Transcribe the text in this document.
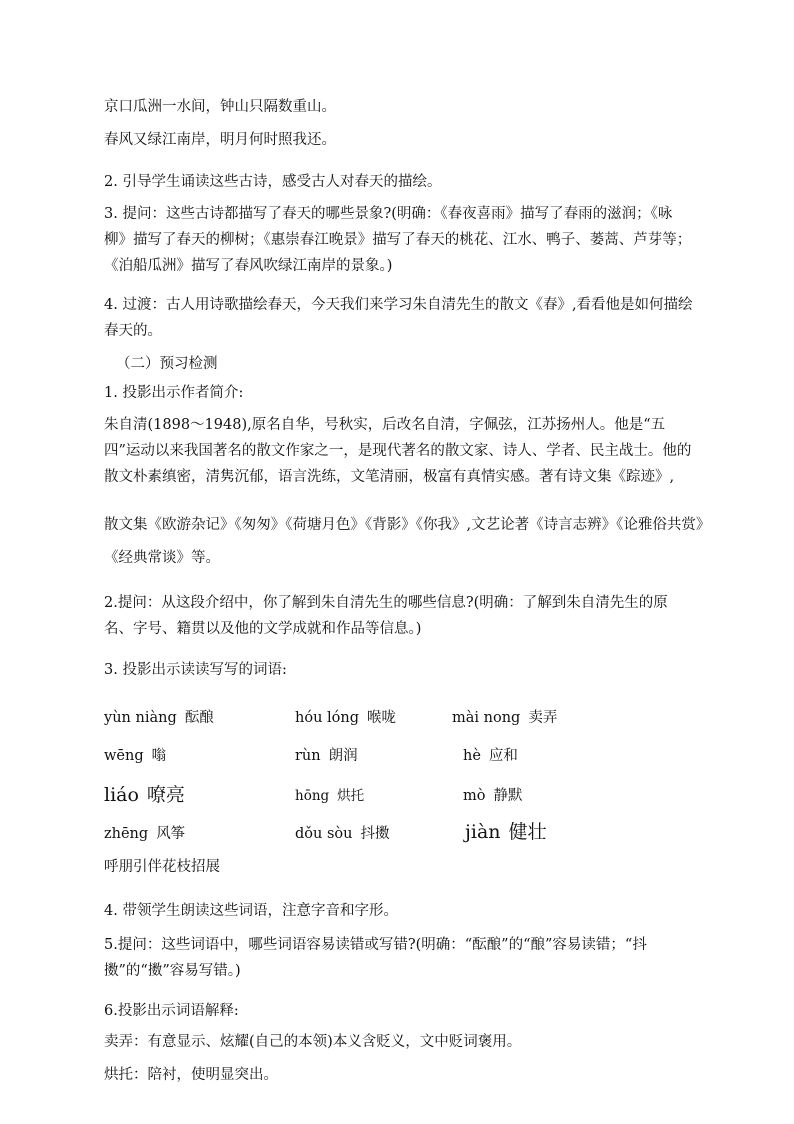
京口瓜洲一水间，钟山只隔数重山。
春风又绿江南岸，明月何时照我还。
2. 引导学生诵读这些古诗，感受古人对春天的描绘。
3. 提问：这些古诗都描写了春天的哪些景象?(明确：《春夜喜雨》描写了春雨的滋润；《咏柳》描写了春天的柳树；《惠崇春江晚景》描写了春天的桃花、江水、鸭子、蒌蒿、芦芽等；《泊船瓜洲》描写了春风吹绿江南岸的景象。)
4. 过渡：古人用诗歌描绘春天，今天我们来学习朱自清先生的散文《春》,看看他是如何描绘春天的。
（二）预习检测
1. 投影出示作者简介:
朱自清(1898～1948),原名自华，号秋实，后改名自清，字佩弦，江苏扬州人。他是“五四”运动以来我国著名的散文作家之一，是现代著名的散文家、诗人、学者、民主战士。他的散文朴素缜密，清隽沉郁，语言洗练，文笔清丽，极富有真情实感。著有诗文集《踪迹》,
散文集《欧游杂记》《匆匆》《荷塘月色》《背影》《你我》,文艺论著《诗言志辨》《论雅俗共赏》
《经典常谈》等。
2.提问：从这段介绍中，你了解到朱自清先生的哪些信息?(明确：了解到朱自清先生的原名、字号、籍贯以及他的文学成就和作品等信息。)
3. 投影出示读读写写的词语:
yùn niàng 酝酿	hóu lóng 喉咙	mài nong 卖弄
wēng 嗡	rùn 朗润	hè 应和
liáo 嘹亮	hōng 烘托	mò 静默
zhēng 风筝	dǒu sòu 抖擞	jiàn 健壮
呼朋引伴花枝招展
4. 带领学生朗读这些词语，注意字音和字形。
5.提问：这些词语中，哪些词语容易读错或写错?(明确：“酝酿”的“酿”容易读错；“抖擞”的“擞”容易写错。)
6.投影出示词语解释:
卖弄：有意显示、炫耀(自己的本领)本义含贬义，文中贬词褒用。
烘托：陪衬，使明显突出。
